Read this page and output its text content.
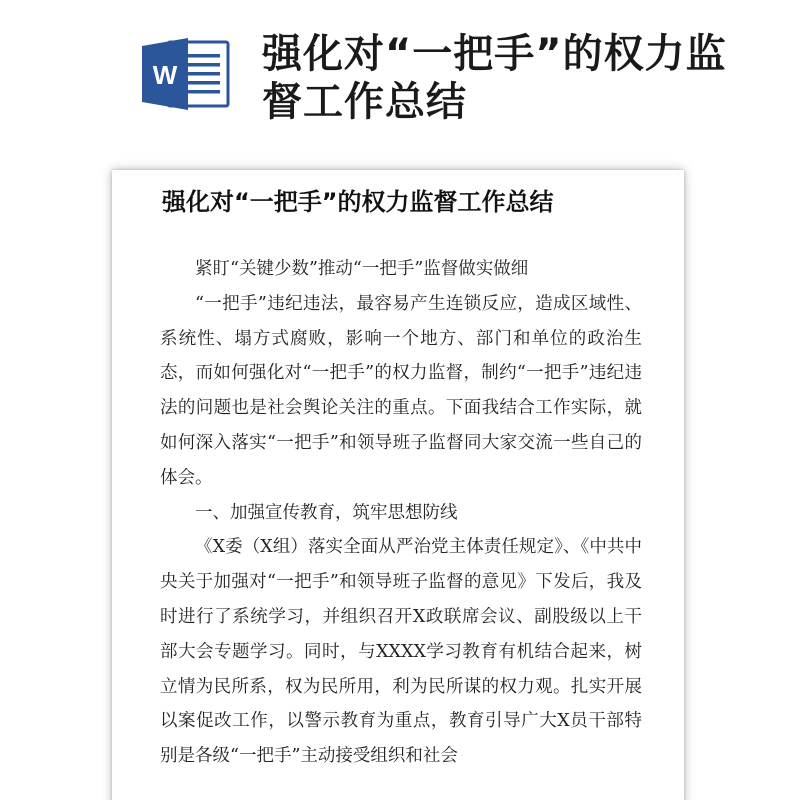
W 强化对“一把手”的权力监督工作总结
强化对“一把手”的权力监督工作总结

紧盯“关键少数”推动“一把手”监督做实做细

“一把手”违纪违法，最容易产生连锁反应，造成区域性、系统性、塌方式腐败，影响一个地方、部门和单位的政治生态，而如何强化对“一把手”的权力监督，制约“一把手”违纪违法的问题也是社会舆论关注的重点。下面我结合工作实际，就如何深入落实“一把手”和领导班子监督同大家交流一些自己的体会。

一、加强宣传教育，筑牢思想防线

《X委（X组）落实全面从严治党主体责任规定》、《中共中央关于加强对“一把手”和领导班子监督的意见》下发后，我及时进行了系统学习，并组织召开X政联席会议、副股级以上干部大会专题学习。同时，与XXXX学习教育有机结合起来，树立情为民所系，权为民所用，利为民所谋的权力观。扎实开展以案促改工作，以警示教育为重点，教育引导广大X员干部特别是各级“一把手”主动接受组织和社会
